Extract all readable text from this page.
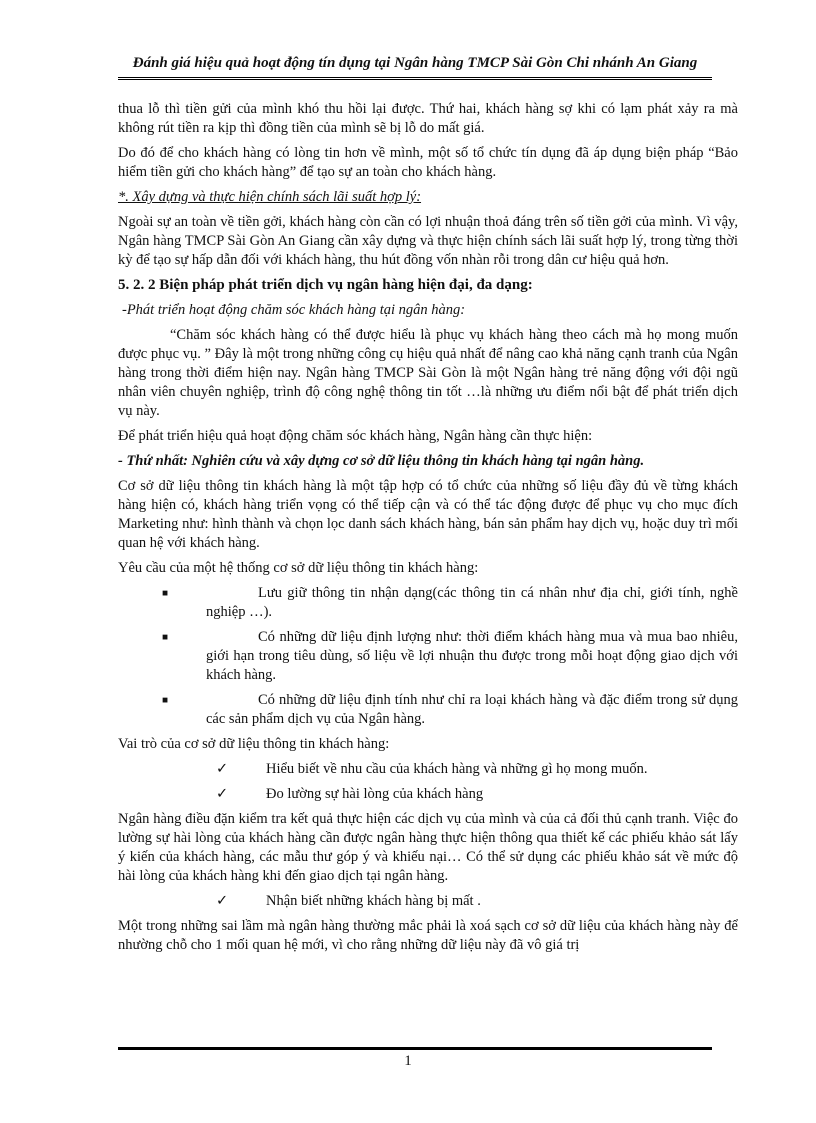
Đánh giá hiệu quả hoạt động tín dụng tại Ngân hàng TMCP Sài Gòn Chi nhánh An Giang

thua lỗ thì tiền gửi của mình khó thu hồi lại được. Thứ hai, khách hàng sợ khi có lạm phát xảy ra mà không rút tiền ra kịp thì đồng tiền của mình sẽ bị lỗ do mất giá.

Do đó để cho khách hàng có lòng tin hơn về mình, một số tổ chức tín dụng đã áp dụng biện pháp “Bảo hiểm tiền gửi cho khách hàng” để tạo sự an toàn cho khách hàng.

*. Xây dựng và thực hiện chính sách lãi suất hợp lý:

Ngoài sự an toàn về tiền gởi, khách hàng còn cần có lợi nhuận thoả đáng trên số tiền gởi của mình. Vì vậy, Ngân hàng TMCP Sài Gòn An Giang cần xây dựng và thực hiện chính sách lãi suất hợp lý, trong từng thời kỳ để tạo sự hấp dẫn đối với khách hàng, thu hút đồng vốn nhàn rỗi trong dân cư hiệu quả hơn.

5. 2. 2 Biện pháp phát triển dịch vụ ngân hàng hiện đại, đa dạng:

-Phát triển hoạt động chăm sóc khách hàng tại ngân hàng:

“Chăm sóc khách hàng có thể được hiểu là phục vụ khách hàng theo cách mà họ mong muốn được phục vụ. ” Đây là một trong những công cụ hiệu quả nhất để nâng cao khả năng cạnh tranh của Ngân hàng trong thời điểm hiện nay. Ngân hàng TMCP Sài Gòn là một Ngân hàng trẻ năng động với đội ngũ nhân viên chuyên nghiệp, trình độ công nghệ thông tin tốt …là những ưu điểm nổi bật để phát triển dịch vụ này.

Để phát triển hiệu quả hoạt động chăm sóc khách hàng, Ngân hàng cần thực hiện:

- Thứ nhất: Nghiên cứu và xây dựng cơ sở dữ liệu thông tin khách hàng tại ngân hàng.

Cơ sở dữ liệu thông tin khách hàng là một tập hợp có tổ chức của những số liệu đầy đủ về từng khách hàng hiện có, khách hàng triển vọng có thể tiếp cận và có thể tác động được để phục vụ cho mục đích Marketing như: hình thành và chọn lọc danh sách khách hàng, bán sản phẩm hay dịch vụ, hoặc duy trì mối quan hệ với khách hàng.

Yêu cầu của một hệ thống cơ sở dữ liệu thông tin khách hàng:

■	Lưu giữ thông tin nhận dạng(các thông tin cá nhân như địa chỉ, giới tính, nghề nghiệp …).

■	Có những dữ liệu định lượng như: thời điểm khách hàng mua và mua bao nhiêu, giới hạn trong tiêu dùng, số liệu về lợi nhuận thu được trong mỗi hoạt động giao dịch với khách hàng.

■	Có những dữ liệu định tính như chỉ ra loại khách hàng và đặc điểm trong sử dụng các sản phẩm dịch vụ của Ngân hàng.

Vai trò của cơ sở dữ liệu thông tin khách hàng:

✓	Hiểu biết về nhu cầu của khách hàng và những gì họ mong muốn.

✓	Đo lường sự hài lòng của khách hàng

Ngân hàng điều đặn kiểm tra kết quả thực hiện các dịch vụ của mình và của cả đối thủ cạnh tranh. Việc đo lường sự hài lòng của khách hàng cần được ngân hàng thực hiện thông qua thiết kế các phiếu khảo sát lấy ý kiến của khách hàng, các mẫu thư góp ý và khiếu nại… Có thể sử dụng các phiếu khảo sát về mức độ hài lòng của khách hàng khi đến giao dịch tại ngân hàng.

✓	Nhận biết những khách hàng bị mất .

Một trong những sai lầm mà ngân hàng thường mắc phải là xoá sạch cơ sở dữ liệu của khách hàng này để nhường chỗ cho 1 mối quan hệ mới, vì cho rằng những dữ liệu này đã vô giá trị

1
